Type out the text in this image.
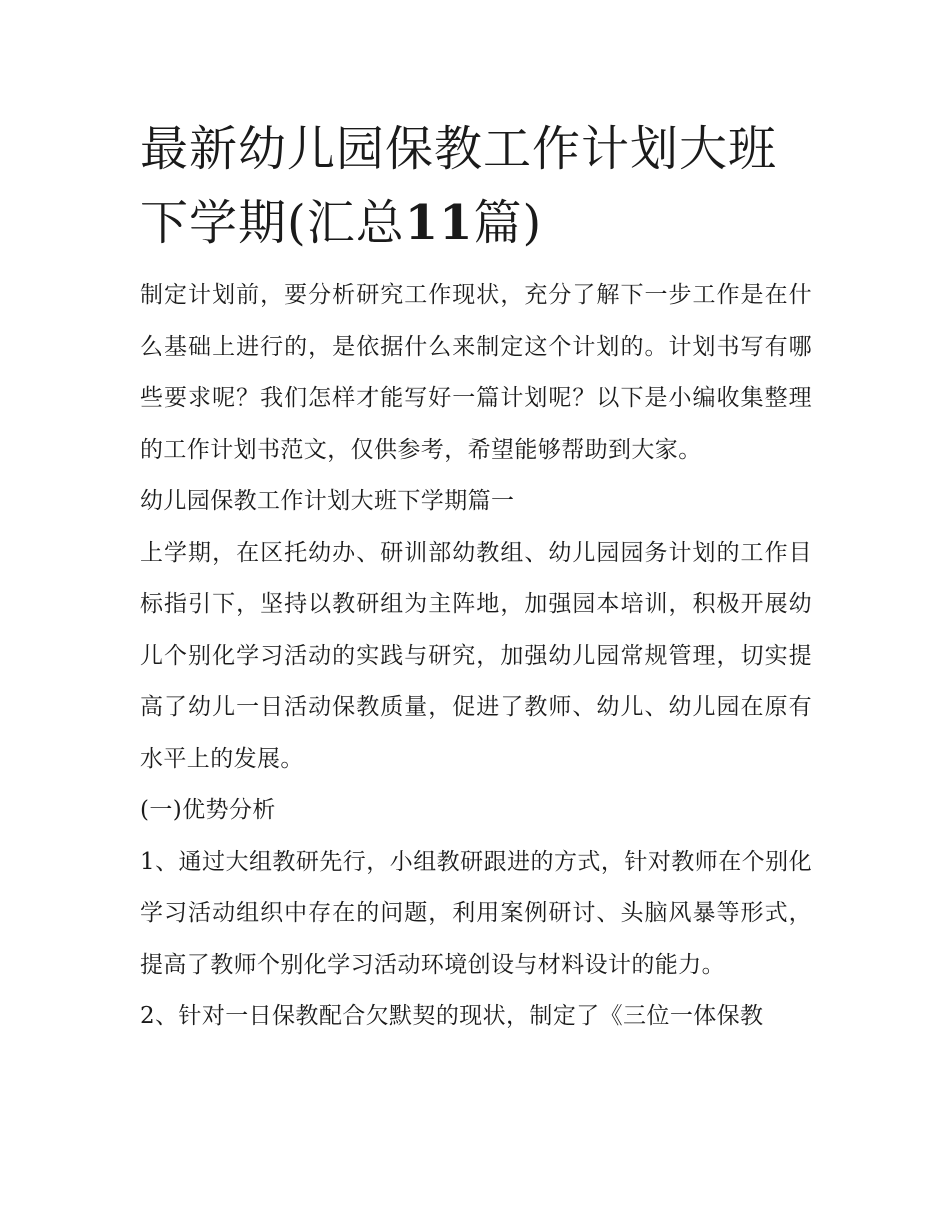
最新幼儿园保教工作计划大班下学期(汇总11篇)

制定计划前，要分析研究工作现状，充分了解下一步工作是在什么基础上进行的，是依据什么来制定这个计划的。计划书写有哪些要求呢？我们怎样才能写好一篇计划呢？以下是小编收集整理的工作计划书范文，仅供参考，希望能够帮助到大家。

幼儿园保教工作计划大班下学期篇一

上学期，在区托幼办、研训部幼教组、幼儿园园务计划的工作目标指引下，坚持以教研组为主阵地，加强园本培训，积极开展幼儿个别化学习活动的实践与研究，加强幼儿园常规管理，切实提高了幼儿一日活动保教质量，促进了教师、幼儿、幼儿园在原有水平上的发展。

(一)优势分析

1、通过大组教研先行，小组教研跟进的方式，针对教师在个别化学习活动组织中存在的问题，利用案例研讨、头脑风暴等形式，提高了教师个别化学习活动环境创设与材料设计的能力。

2、针对一日保教配合欠默契的现状，制定了《三位一体保教
